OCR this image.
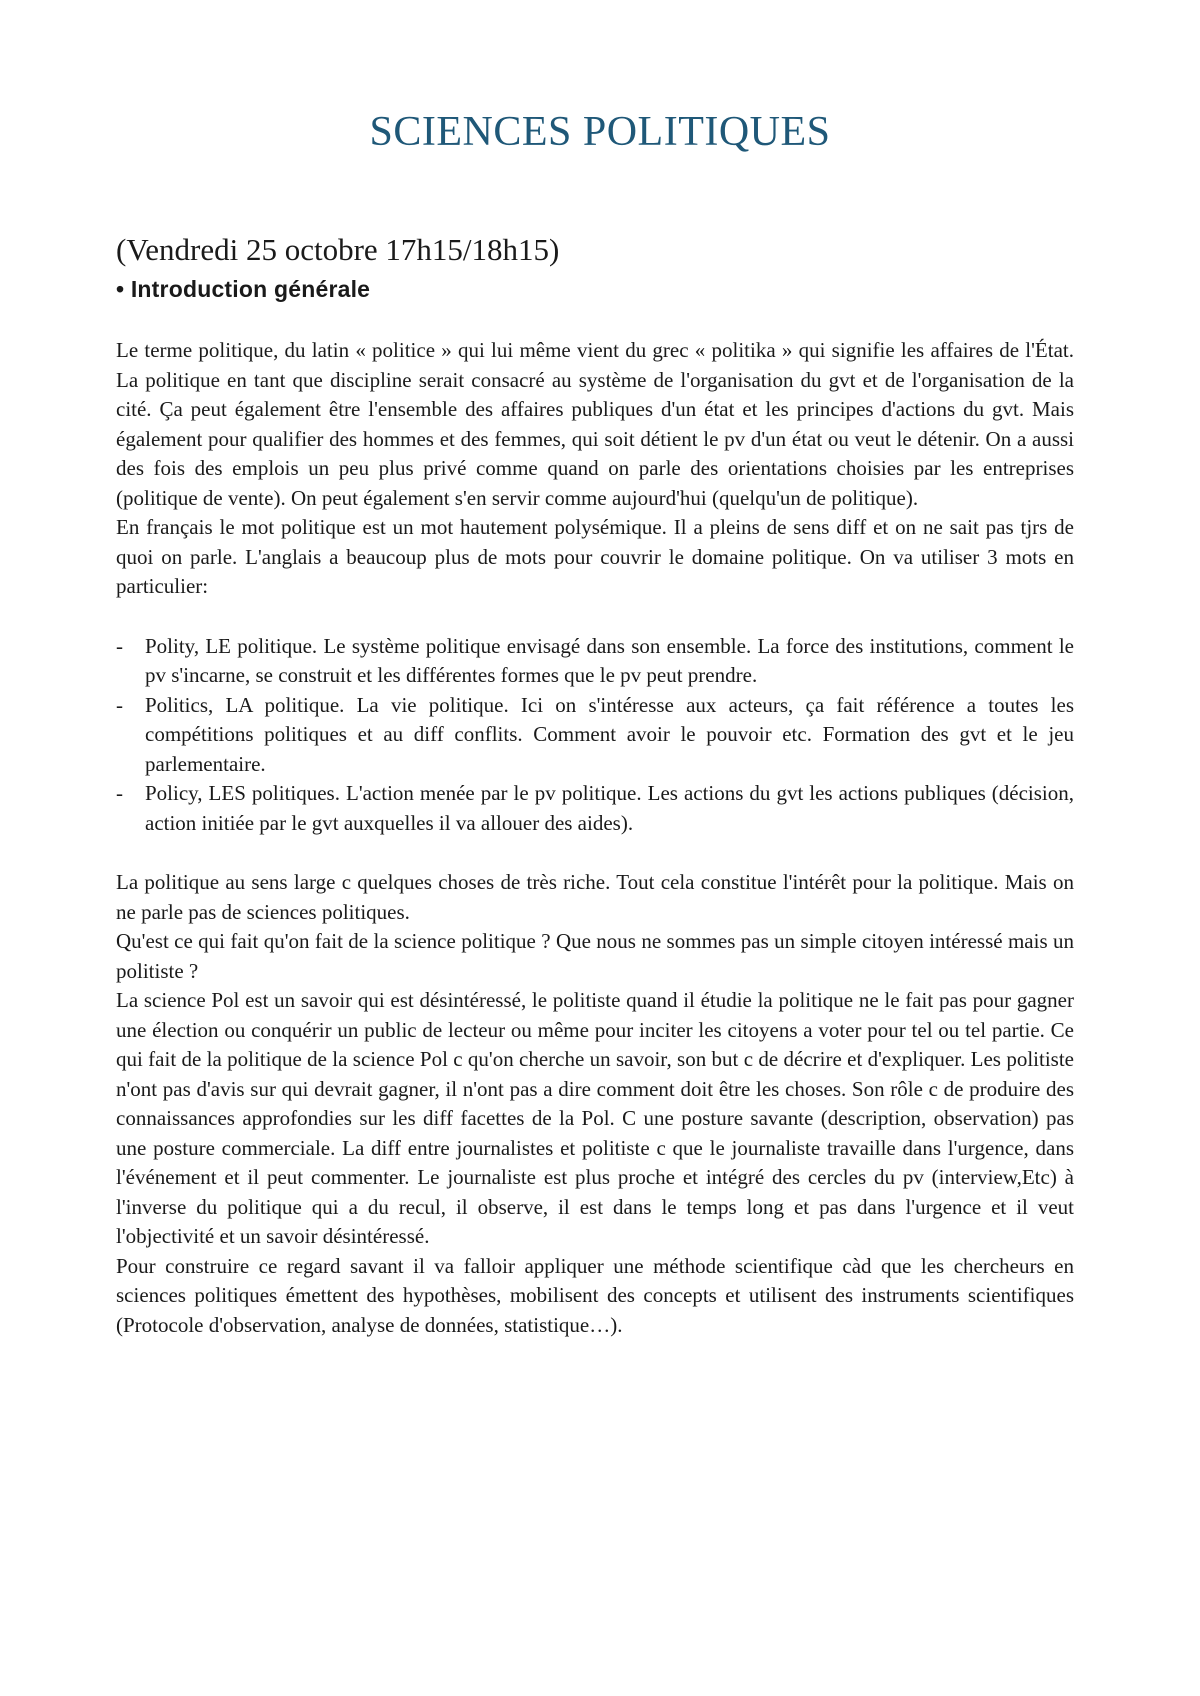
SCIENCES POLITIQUES
(Vendredi 25 octobre 17h15/18h15)
• Introduction générale

Le terme politique, du latin « politice » qui lui même vient du grec « politika » qui signifie les affaires de l'État. La politique en tant que discipline serait consacré au système de l'organisation du gvt et de l'organisation de la cité. Ça peut également être l'ensemble des affaires publiques d'un état et les principes d'actions du gvt. Mais également pour qualifier des hommes et des femmes, qui soit détient le pv d'un état ou veut le détenir. On a aussi des fois des emplois un peu plus privé comme quand on parle des orientations choisies par les entreprises (politique de vente). On peut également s'en servir comme aujourd'hui (quelqu'un de politique).

En français le mot politique est un mot hautement polysémique. Il a pleins de sens diff et on ne sait pas tjrs de quoi on parle. L'anglais a beaucoup plus de mots pour couvrir le domaine politique. On va utiliser 3 mots en particulier:

- Polity, LE politique. Le système politique envisagé dans son ensemble. La force des institutions, comment le pv s'incarne, se construit et les différentes formes que le pv peut prendre.
- Politics, LA politique. La vie politique. Ici on s'intéresse aux acteurs, ça fait référence a toutes les compétitions politiques et au diff conflits. Comment avoir le pouvoir etc. Formation des gvt et le jeu parlementaire.
- Policy, LES politiques. L'action menée par le pv politique. Les actions du gvt les actions publiques (décision, action initiée par le gvt auxquelles il va allouer des aides).

La politique au sens large c quelques choses de très riche. Tout cela constitue l'intérêt pour la politique. Mais on ne parle pas de sciences politiques.

Qu'est ce qui fait qu'on fait de la science politique ? Que nous ne sommes pas un simple citoyen intéressé mais un politiste ?

La science Pol est un savoir qui est désintéressé, le politiste quand il étudie la politique ne le fait pas pour gagner une élection ou conquérir un public de lecteur ou même pour inciter les citoyens a voter pour tel ou tel partie. Ce qui fait de la politique de la science Pol c qu'on cherche un savoir, son but c de décrire et d'expliquer. Les politiste n'ont pas d'avis sur qui devrait gagner, il n'ont pas a dire comment doit être les choses. Son rôle c de produire des connaissances approfondies sur les diff facettes de la Pol. C une posture savante (description, observation) pas une posture commerciale. La diff entre journalistes et politiste c que le journaliste travaille dans l'urgence, dans l'événement et il peut commenter. Le journaliste est plus proche et intégré des cercles du pv (interview,Etc) à l'inverse du politique qui a du recul, il observe, il est dans le temps long et pas dans l'urgence et il veut l'objectivité et un savoir désintéressé.

Pour construire ce regard savant il va falloir appliquer une méthode scientifique càd que les chercheurs en sciences politiques émettent des hypothèses, mobilisent des concepts et utilisent des instruments scientifiques (Protocole d'observation, analyse de données, statistique…).
